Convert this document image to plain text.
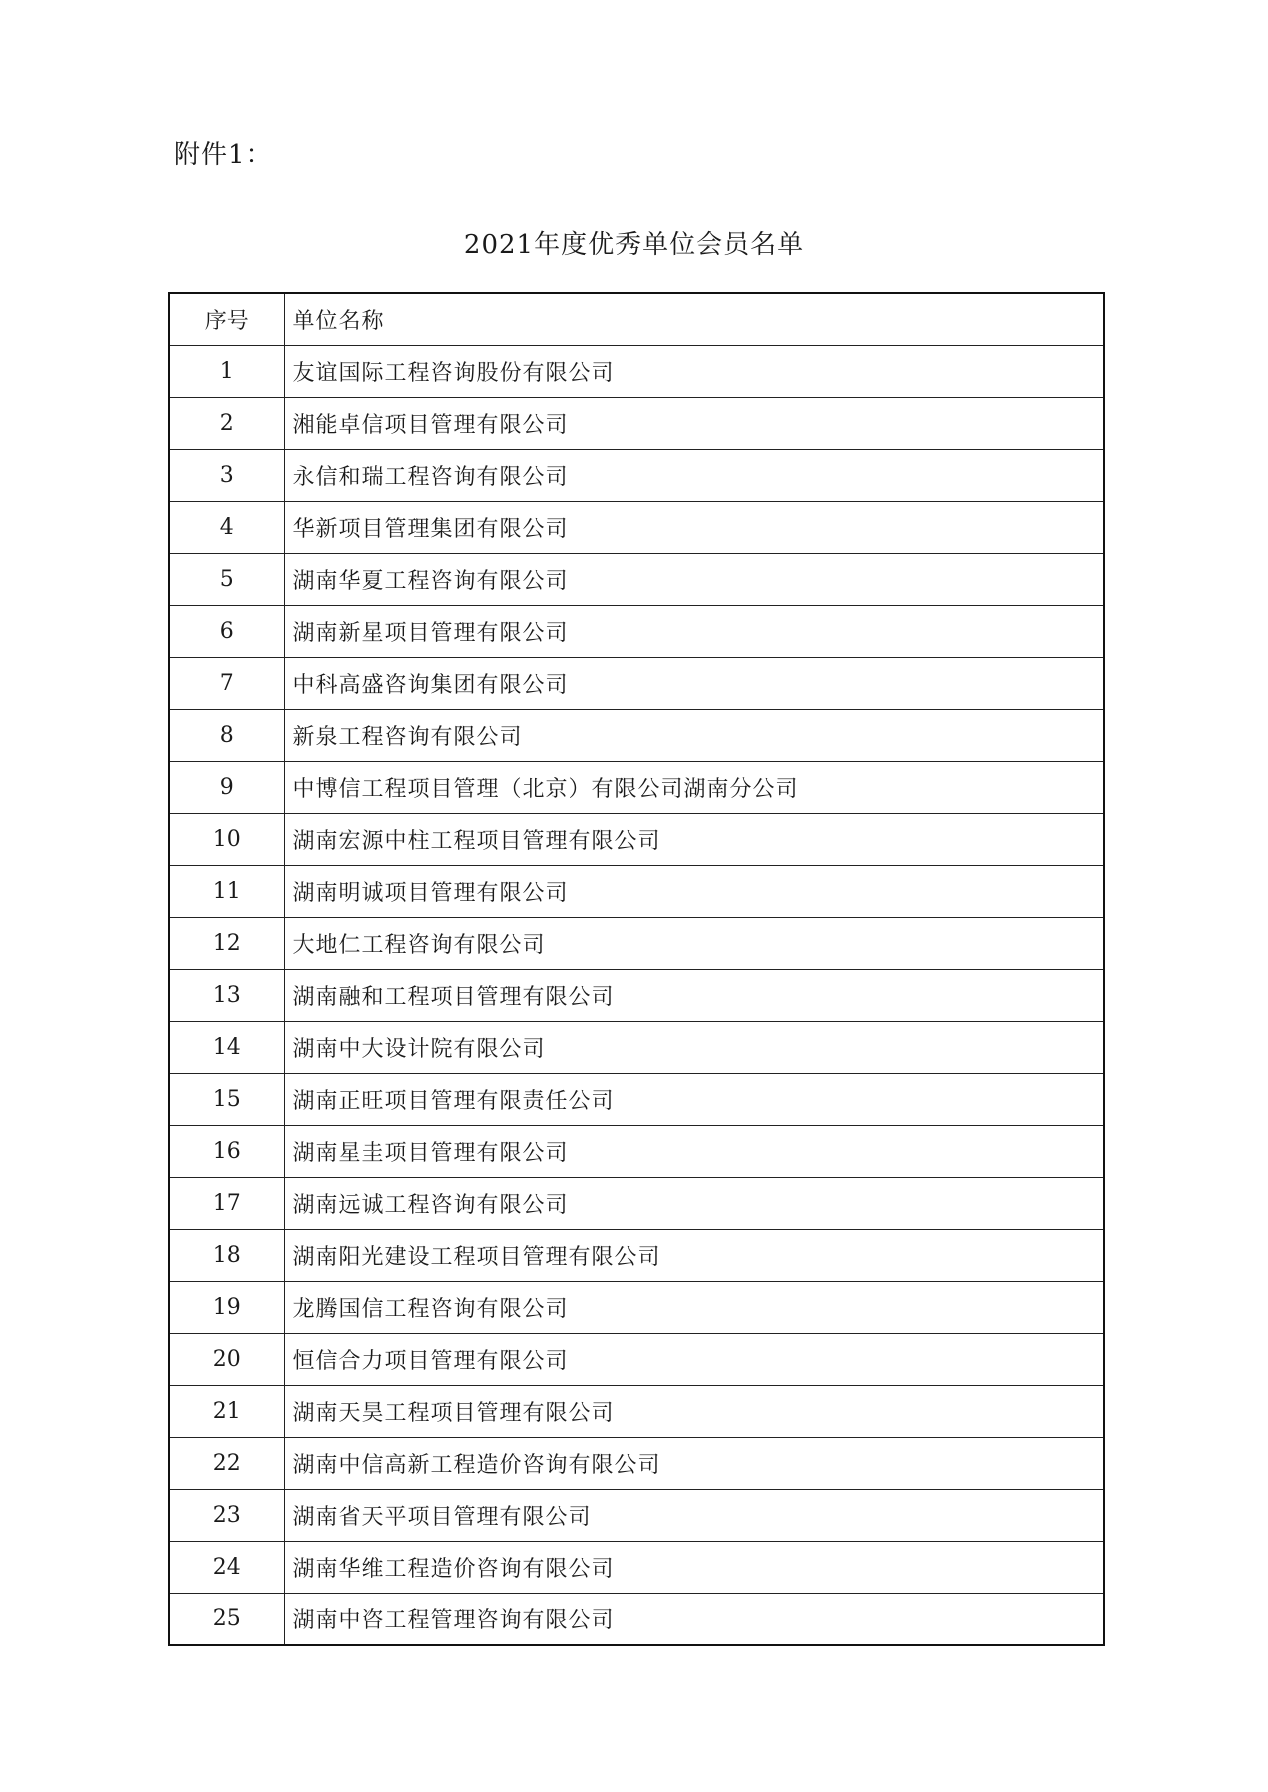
附件1：
2021年度优秀单位会员名单
序号	单位名称
1	友谊国际工程咨询股份有限公司
2	湘能卓信项目管理有限公司
3	永信和瑞工程咨询有限公司
4	华新项目管理集团有限公司
5	湖南华夏工程咨询有限公司
6	湖南新星项目管理有限公司
7	中科高盛咨询集团有限公司
8	新泉工程咨询有限公司
9	中博信工程项目管理（北京）有限公司湖南分公司
10	湖南宏源中柱工程项目管理有限公司
11	湖南明诚项目管理有限公司
12	大地仁工程咨询有限公司
13	湖南融和工程项目管理有限公司
14	湖南中大设计院有限公司
15	湖南正旺项目管理有限责任公司
16	湖南星圭项目管理有限公司
17	湖南远诚工程咨询有限公司
18	湖南阳光建设工程项目管理有限公司
19	龙腾国信工程咨询有限公司
20	恒信合力项目管理有限公司
21	湖南天昊工程项目管理有限公司
22	湖南中信高新工程造价咨询有限公司
23	湖南省天平项目管理有限公司
24	湖南华维工程造价咨询有限公司
25	湖南中咨工程管理咨询有限公司
